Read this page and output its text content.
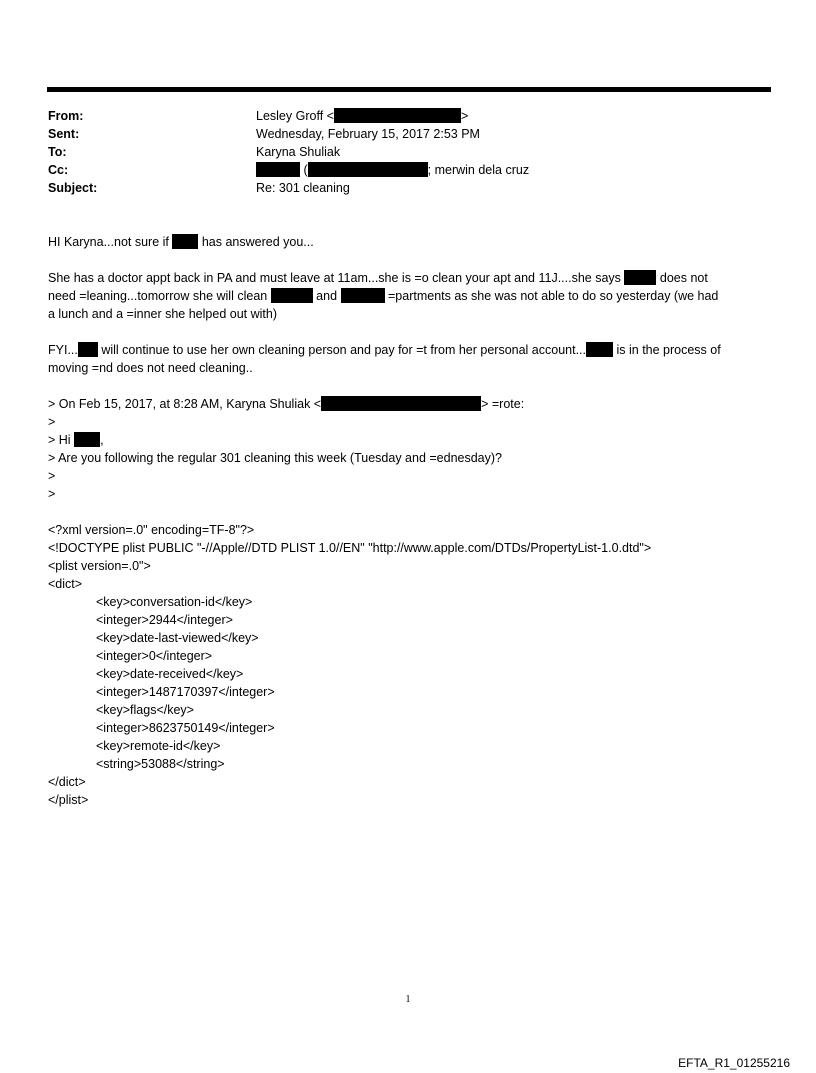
From:	Lesley Groff <	>
Sent:	Wednesday, February 15, 2017 2:53 PM
To:	Karyna Shuliak
Cc:	(	; merwin dela cruz
Subject:	Re: 301 cleaning

HI Karyna...not sure if  has answered you...

She has a doctor appt back in PA and must leave at 11am...she is =o clean your apt and 11J....she says	does not
need =leaning...tomorrow she will clean	and	=partments as she was not able to do so yesterday (we had
a lunch and a =inner she helped out with)

FYI... will continue to use her own cleaning person and pay for =t from her personal account... is in the process of
moving =nd does not need cleaning..

> On Feb 15, 2017, at 8:28 AM, Karyna Shuliak <	> =rote:
>
> Hi ,
> Are you following the regular 301 cleaning this week (Tuesday and =ednesday)?
>
>

<?xml version=.0" encoding=TF-8"?>
<!DOCTYPE plist PUBLIC "-//Apple//DTD PLIST 1.0//EN" "http://www.apple.com/DTDs/PropertyList-1.0.dtd">
<plist version=.0">
<dict>
<key>conversation-id</key>
<integer>2944</integer>
<key>date-last-viewed</key>
<integer>0</integer>
<key>date-received</key>
<integer>1487170397</integer>
<key>flags</key>
<integer>8623750149</integer>
<key>remote-id</key>
<string>53088</string>
</dict>
</plist>

1
EFTA_R1_01255216
